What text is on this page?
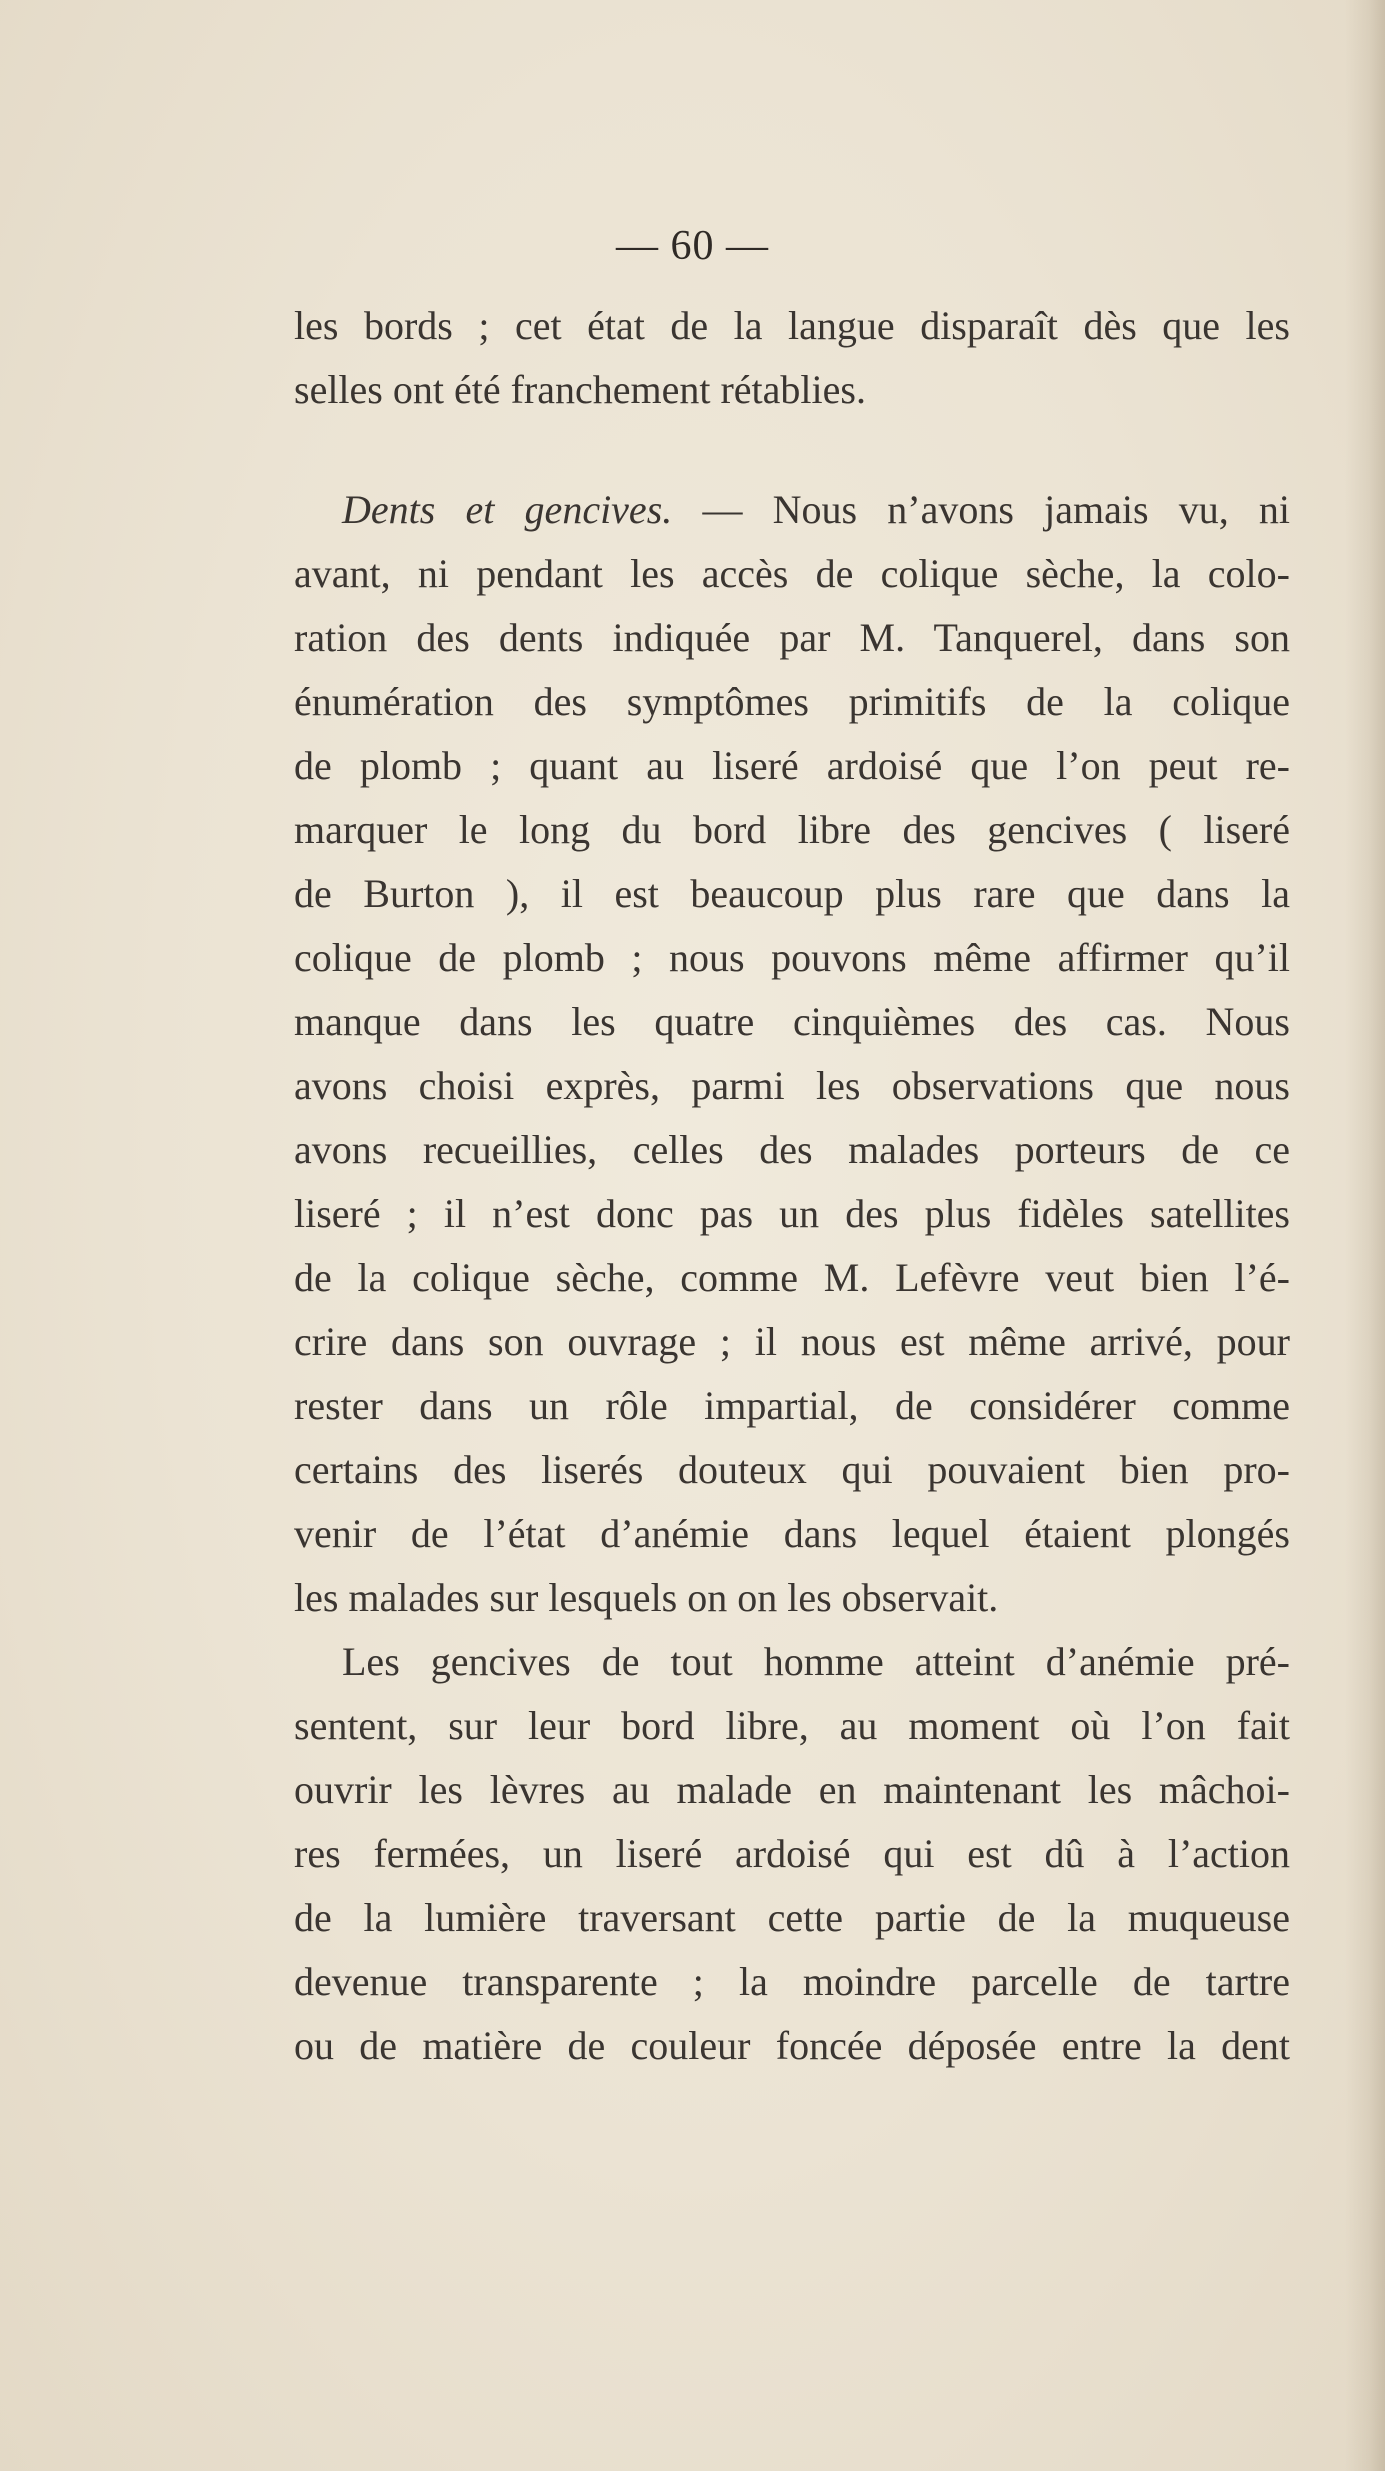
— 60 —
les bords ; cet état de la langue disparaît dès que les
selles ont été franchement rétablies.
Dents et gencives. — Nous n’avons jamais vu, ni
avant, ni pendant les accès de colique sèche, la colo-
ration des dents indiquée par M. Tanquerel, dans son
énumération des symptômes primitifs de la colique
de plomb ; quant au liseré ardoisé que l’on peut re-
marquer le long du bord libre des gencives ( liseré
de Burton ), il est beaucoup plus rare que dans la
colique de plomb ; nous pouvons même affirmer qu’il
manque dans les quatre cinquièmes des cas. Nous
avons choisi exprès, parmi les observations que nous
avons recueillies, celles des malades porteurs de ce
liseré ; il n’est donc pas un des plus fidèles satellites
de la colique sèche, comme M. Lefèvre veut bien l’é-
crire dans son ouvrage ; il nous est même arrivé, pour
rester dans un rôle impartial, de considérer comme
certains des liserés douteux qui pouvaient bien pro-
venir de l’état d’anémie dans lequel étaient plongés
les malades sur lesquels on on les observait.
Les gencives de tout homme atteint d’anémie pré-
sentent, sur leur bord libre, au moment où l’on fait
ouvrir les lèvres au malade en maintenant les mâchoi-
res fermées, un liseré ardoisé qui est dû à l’action
de la lumière traversant cette partie de la muqueuse
devenue transparente ; la moindre parcelle de tartre
ou de matière de couleur foncée déposée entre la dent
